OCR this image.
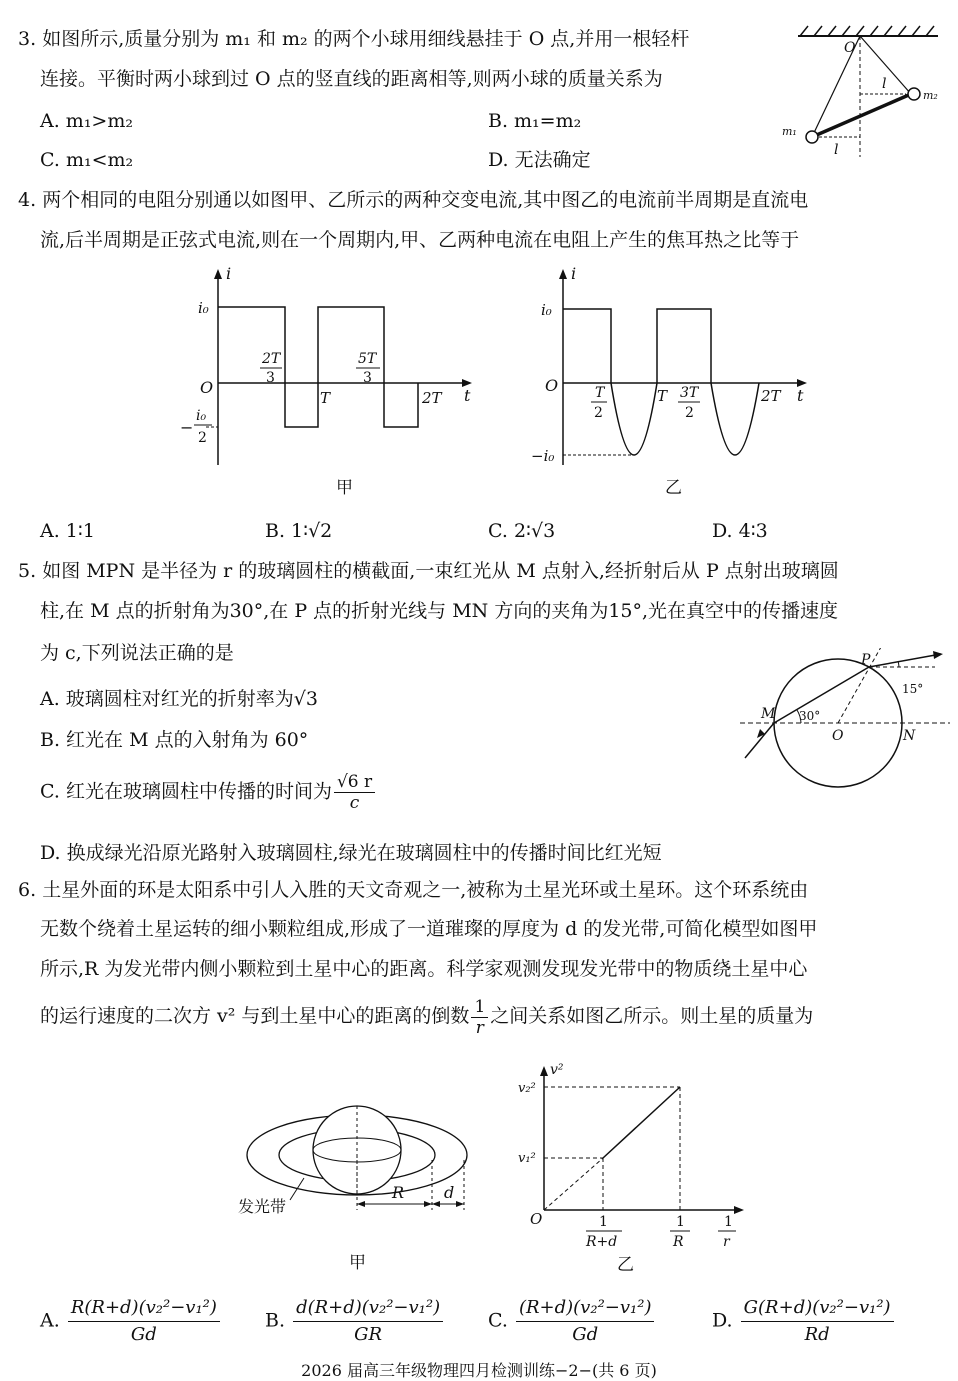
3. 如图所示,质量分别为 m₁ 和 m₂ 的两个小球用细线悬挂于 O 点,并用一根轻杆
连接。平衡时两小球到过 O 点的竖直线的距离相等,则两小球的质量关系为
A. m₁>m₂	B. m₁=m₂
C. m₁<m₂	D. 无法确定
O
m₂
m₁
l
l
4. 两个相同的电阻分别通以如图甲、乙所示的两种交变电流,其中图乙的电流前半周期是直流电
流,后半周期是正弦式电流,则在一个周期内,甲、乙两种电流在电阻上产生的焦耳热之比等于
i
t
O
i₀
−
i₀
2
2T
3
T
5T
3
2T
甲
i
t
O
i₀
−i₀
T
2
T 3T
2
2T
乙
A. 1∶1	B. 1∶√2	C. 2∶√3	D. 4∶3
5. 如图 MPN 是半径为 r 的玻璃圆柱的横截面,一束红光从 M 点射入,经折射后从 P 点射出玻璃圆
柱,在 M 点的折射角为30°,在 P 点的折射光线与 MN 方向的夹角为15°,光在真空中的传播速度
为 c,下列说法正确的是
A. 玻璃圆柱对红光的折射率为√3
B. 红光在 M 点的入射角为 60°
C. 红光在玻璃圆柱中传播的时间为 $\frac{√6 r}{c}$
D. 换成绿光沿原光路射入玻璃圆柱,绿光在玻璃圆柱中的传播时间比红光短
P
M
O	N
30°
15°
6. 土星外面的环是太阳系中引人入胜的天文奇观之一,被称为土星光环或土星环。这个环系统由
无数个绕着土星运转的细小颗粒组成,形成了一道璀璨的厚度为 d 的发光带,可简化模型如图甲
所示,R 为发光带内侧小颗粒到土星中心的距离。科学家观测发现发光带中的物质绕土星中心
的运行速度的二次方 v² 与到土星中心的距离的倒数 $\frac{1}{r}$ 之间关系如图乙所示。则土星的质量为
发光带
R d
甲
v²
v₂²
v₁²
O	1
R+d
1
R
1
r
乙
A. $\frac{\text{R(R+d)(v₂²−v₁²)}}{Gd} B$. $\frac{\text{d(R+d)(v₂²−v₁²)}}{GR} C$. $\frac{\text{(R+d)(v₂²−v₁²)}}{Gd}$	D. $\frac{\text{G(R+d)(v₂²−v₁²)}}{Rd}$
2026 届高三年级物理四月检测训练−2−(共 6 页)
